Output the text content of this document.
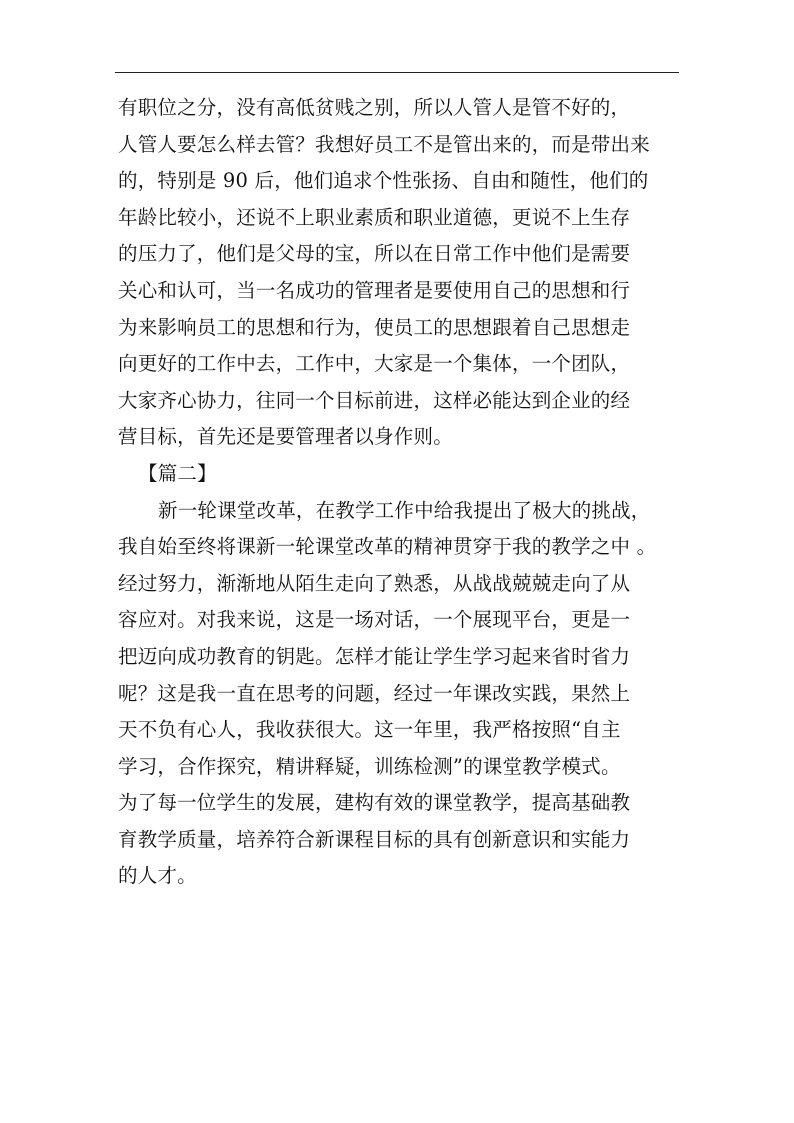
有职位之分，没有高低贫贱之别，所以人管人是管不好的，
人管人要怎么样去管？我想好员工不是管出来的，而是带出来
的，特别是 90 后，他们追求个性张扬、自由和随性，他们的
年龄比较小，还说不上职业素质和职业道德，更说不上生存
的压力了，他们是父母的宝，所以在日常工作中他们是需要
关心和认可，当一名成功的管理者是要使用自己的思想和行
为来影响员工的思想和行为，使员工的思想跟着自己思想走
向更好的工作中去，工作中，大家是一个集体，一个团队，
大家齐心协力，往同一个目标前进，这样必能达到企业的经
营目标，首先还是要管理者以身作则。
【篇二】
新一轮课堂改革，在教学工作中给我提出了极大的挑战，
我自始至终将课新一轮课堂改革的精神贯穿于我的教学之中 。
经过努力，渐渐地从陌生走向了熟悉，从战战兢兢走向了从
容应对。对我来说，这是一场对话，一个展现平台，更是一
把迈向成功教育的钥匙。怎样才能让学生学习起来省时省力
呢？这是我一直在思考的问题，经过一年课改实践，果然上
天不负有心人，我收获很大。这一年里，我严格按照“自主
学习，合作探究，精讲释疑，训练检测”的课堂教学模式。
为了每一位学生的发展，建构有效的课堂教学，提高基础教
育教学质量，培养符合新课程目标的具有创新意识和实能力
的人才。
